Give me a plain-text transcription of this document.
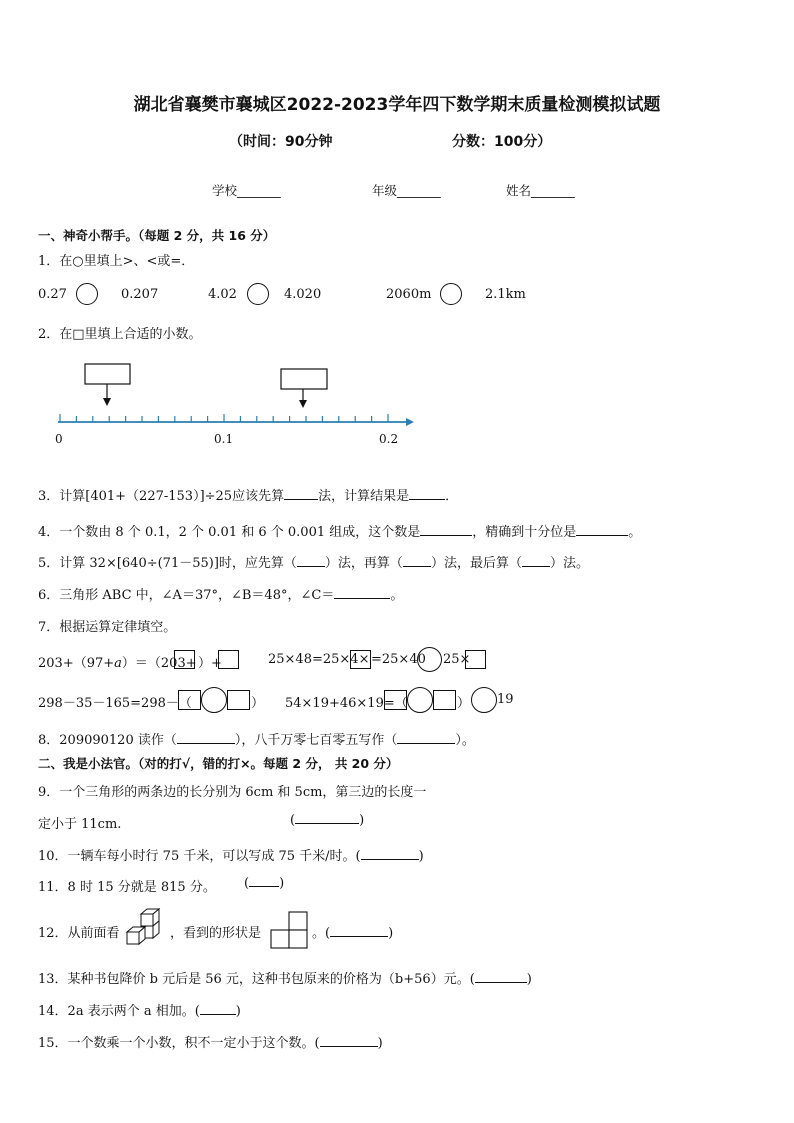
湖北省襄樊市襄城区2022-2023学年四下数学期末质量检测模拟试题
（时间：90分钟	分数：100分）
学校_______	年级_______	姓名_______
一、神奇小帮手。（每题 2 分，共 16 分）
1．在○里填上>、<或=．
0.27	0.207	4.02	4.020	2060m	2.1km
2．在□里填上合适的小数。
0	0.1	0.2
3．计算[401+（227-153）]÷25应该先算	法，计算结果是	．
4．一个数由 8 个 0.1，2 个 0.01 和 6 个 0.001 组成，这个数是	，精确到十分位是	。
5．计算 32×[640÷(71－55)]时，应先算（ ）法，再算（ ）法，最后算（ ）法。
6．三角形 ABC 中，∠A＝37°，∠B＝48°，∠C＝	。
7．根据运算定律填空。
203+（97+a）＝（203+ ）+	25×48=25×4× =25×40 25×
298－35－165=298－（	） 54×19+46×19=（	） 19
8．209090120 读作（	），八千万零七百零五写作（	）。
二、我是小法官。（对的打√，错的打×。每题 2 分， 共 20 分）
9．一个三角形的两条边的长分别为 6cm 和 5cm，第三边的长度一
定小于 11cm.	(	)
10．一辆车每小时行 75 千米，可以写成 75 千米/时。(	)
11．8 时 15 分就是 815 分。 ( )
12．从前面看	，看到的形状是	。(	)
13．某种书包降价 b 元后是 56 元，这种书包原来的价格为（b+56）元。(	)
14．2a 表示两个 a 相加。(	)
15．一个数乘一个小数，积不一定小于这个数。(	)
